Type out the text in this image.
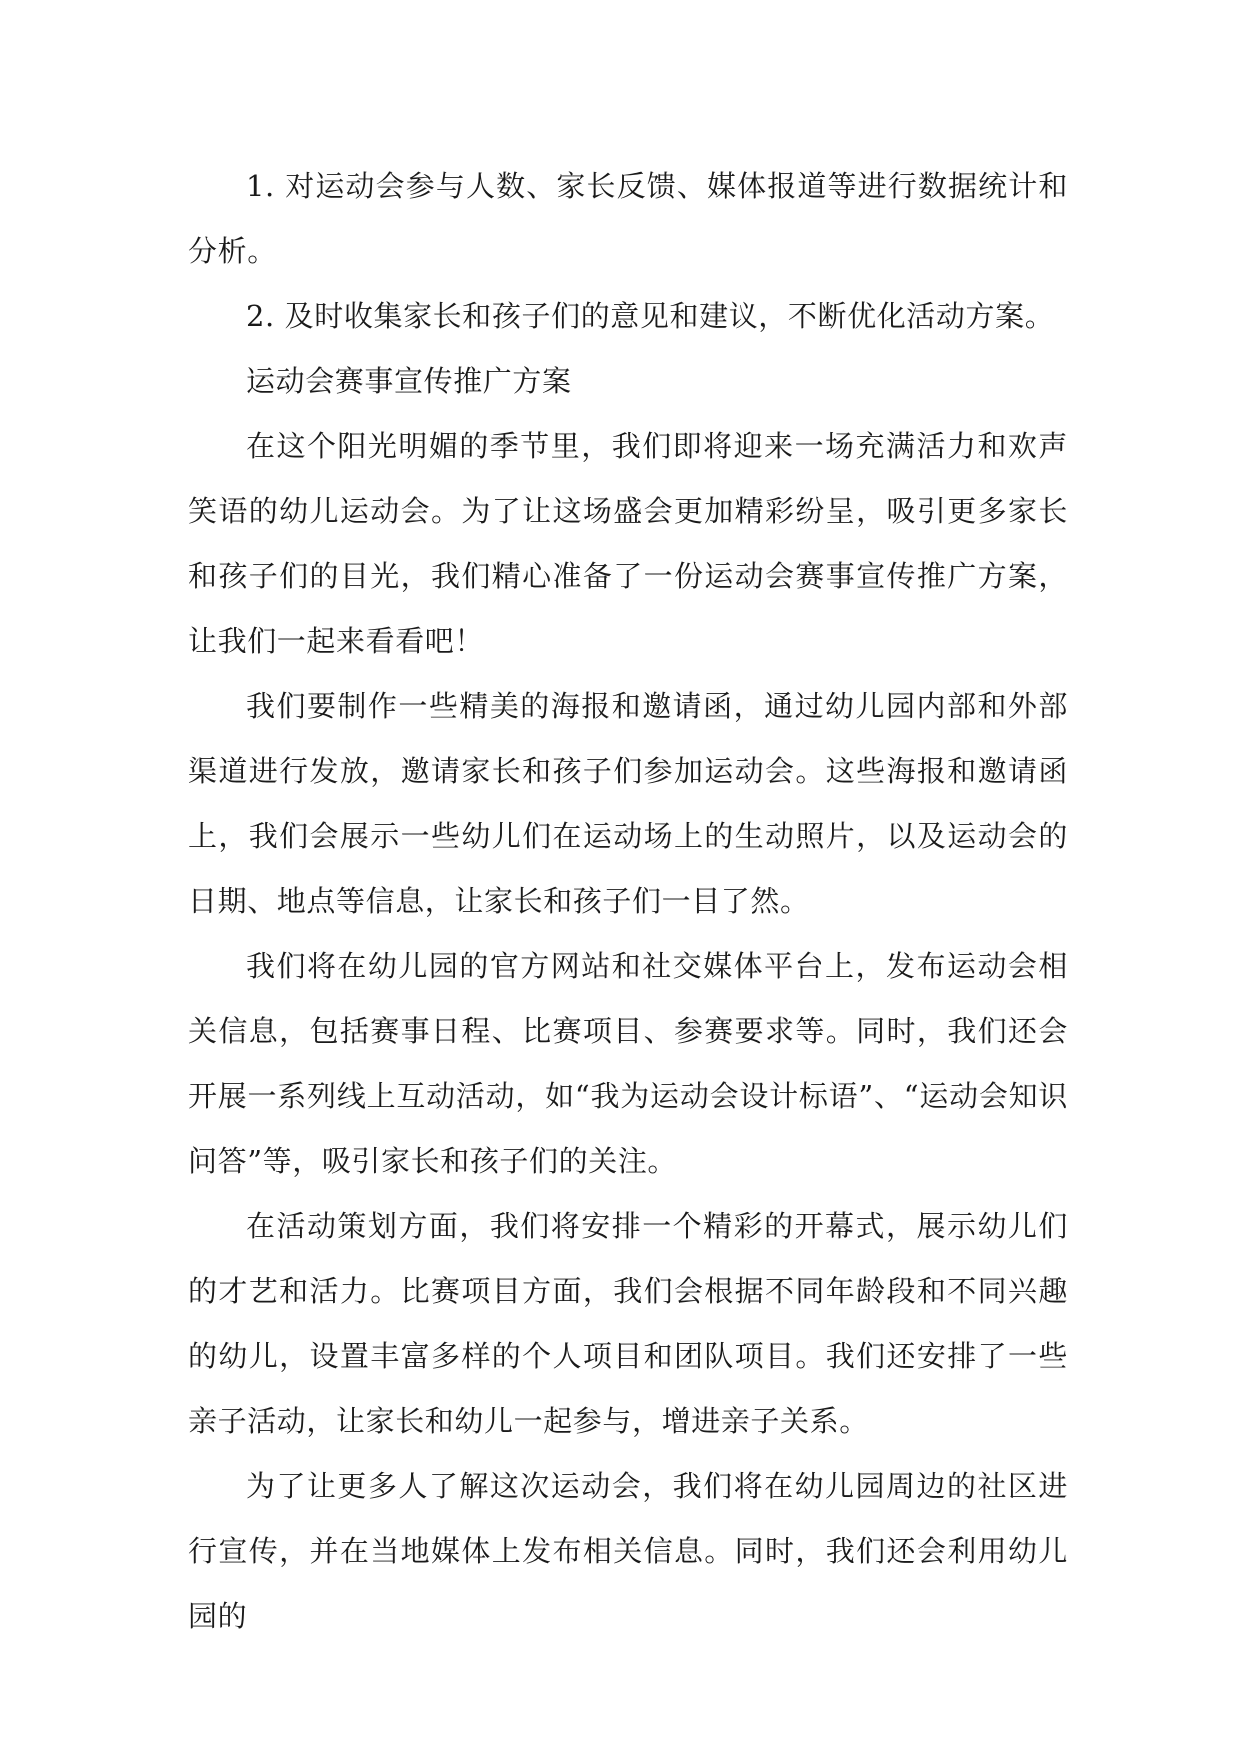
1. 对运动会参与人数、家长反馈、媒体报道等进行数据统计和分析。

2. 及时收集家长和孩子们的意见和建议，不断优化活动方案。

运动会赛事宣传推广方案

在这个阳光明媚的季节里，我们即将迎来一场充满活力和欢声笑语的幼儿运动会。为了让这场盛会更加精彩纷呈，吸引更多家长和孩子们的目光，我们精心准备了一份运动会赛事宣传推广方案，让我们一起来看看吧！

我们要制作一些精美的海报和邀请函，通过幼儿园内部和外部渠道进行发放，邀请家长和孩子们参加运动会。这些海报和邀请函上，我们会展示一些幼儿们在运动场上的生动照片，以及运动会的日期、地点等信息，让家长和孩子们一目了然。

我们将在幼儿园的官方网站和社交媒体平台上，发布运动会相关信息，包括赛事日程、比赛项目、参赛要求等。同时，我们还会开展一系列线上互动活动，如“我为运动会设计标语”、“运动会知识问答”等，吸引家长和孩子们的关注。

在活动策划方面，我们将安排一个精彩的开幕式，展示幼儿们的才艺和活力。比赛项目方面，我们会根据不同年龄段和不同兴趣的幼儿，设置丰富多样的个人项目和团队项目。我们还安排了一些亲子活动，让家长和幼儿一起参与，增进亲子关系。

为了让更多人了解这次运动会，我们将在幼儿园周边的社区进行宣传，并在当地媒体上发布相关信息。同时，我们还会利用幼儿园的
